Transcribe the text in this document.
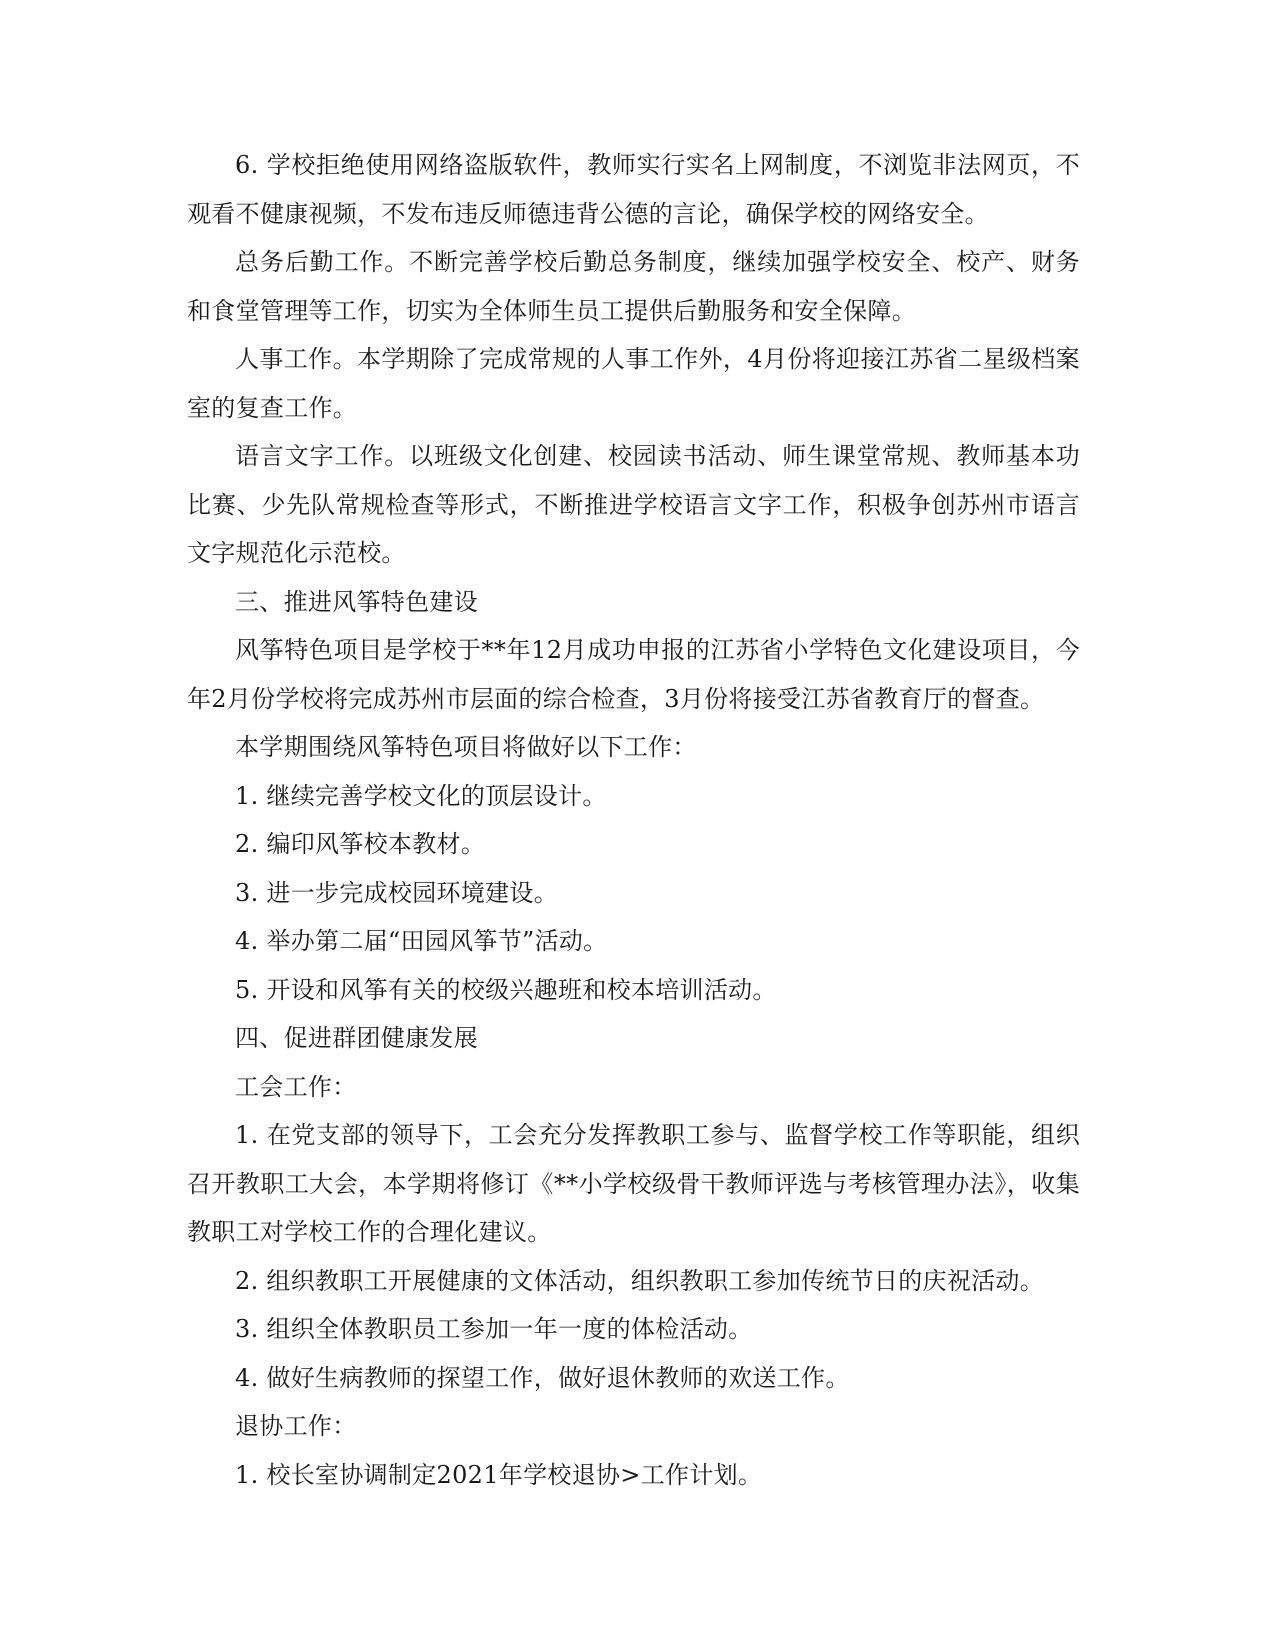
6. 学校拒绝使用网络盗版软件，教师实行实名上网制度，不浏览非法网页，不观看不健康视频，不发布违反师德违背公德的言论，确保学校的网络安全。

总务后勤工作。不断完善学校后勤总务制度，继续加强学校安全、校产、财务和食堂管理等工作，切实为全体师生员工提供后勤服务和安全保障。

人事工作。本学期除了完成常规的人事工作外，4月份将迎接江苏省二星级档案室的复查工作。

语言文字工作。以班级文化创建、校园读书活动、师生课堂常规、教师基本功比赛、少先队常规检查等形式，不断推进学校语言文字工作，积极争创苏州市语言文字规范化示范校。

三、推进风筝特色建设

风筝特色项目是学校于**年12月成功申报的江苏省小学特色文化建设项目，今年2月份学校将完成苏州市层面的综合检查，3月份将接受江苏省教育厅的督查。

本学期围绕风筝特色项目将做好以下工作：

1. 继续完善学校文化的顶层设计。

2. 编印风筝校本教材。

3. 进一步完成校园环境建设。

4. 举办第二届“田园风筝节”活动。

5. 开设和风筝有关的校级兴趣班和校本培训活动。

四、促进群团健康发展

工会工作：

1. 在党支部的领导下，工会充分发挥教职工参与、监督学校工作等职能，组织召开教职工大会，本学期将修订《**小学校级骨干教师评选与考核管理办法》，收集教职工对学校工作的合理化建议。

2. 组织教职工开展健康的文体活动，组织教职工参加传统节日的庆祝活动。

3. 组织全体教职员工参加一年一度的体检活动。

4. 做好生病教师的探望工作，做好退休教师的欢送工作。

退协工作：

1. 校长室协调制定2021年学校退协>工作计划。
